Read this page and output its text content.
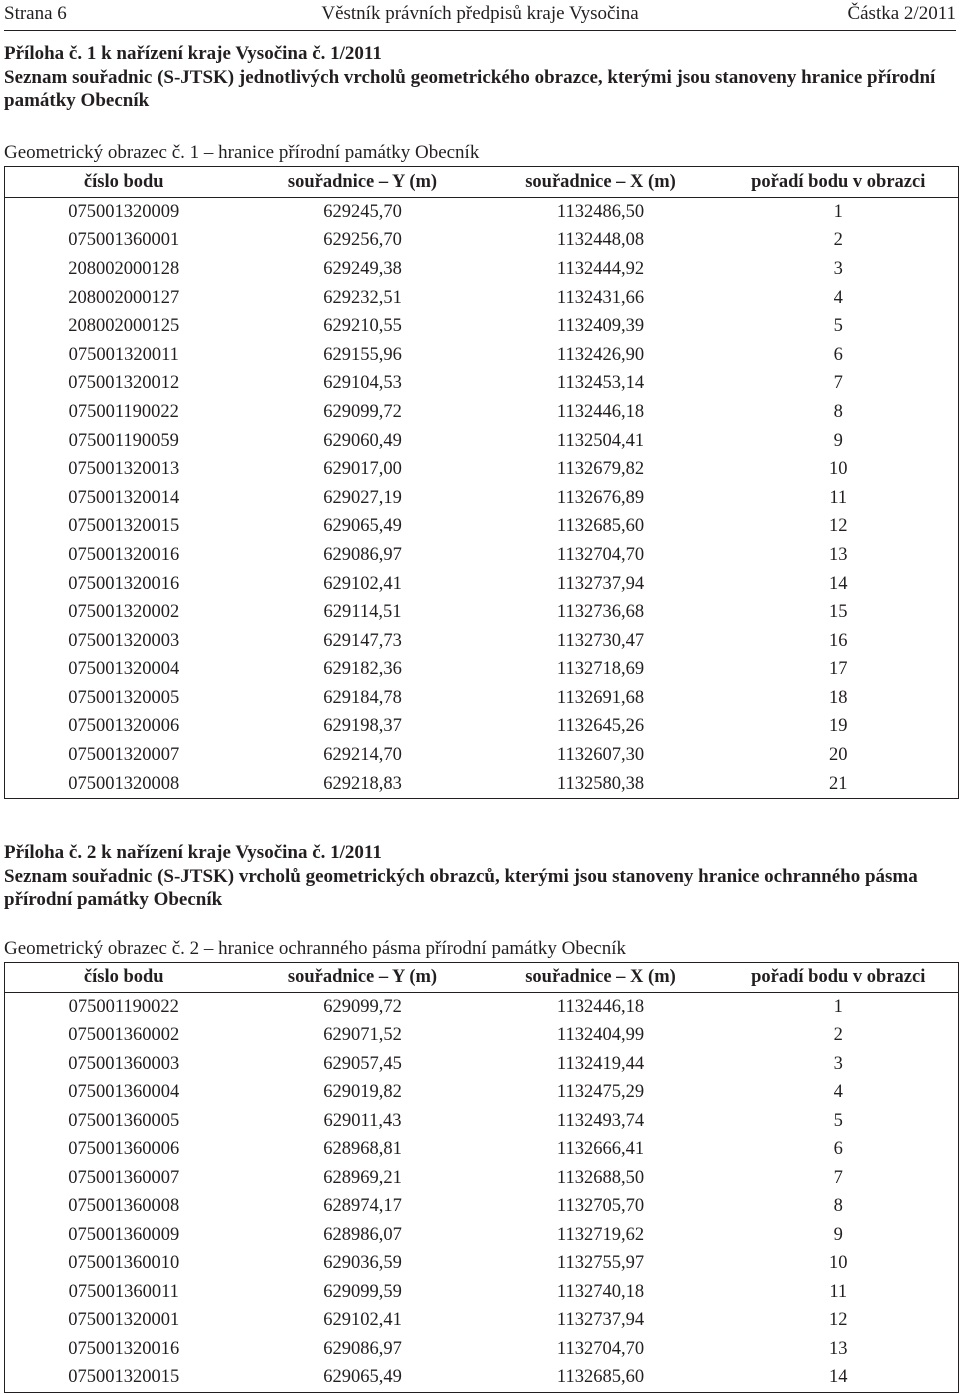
Strana 6	Věstník právních předpisů kraje Vysočina	Částka 2/2011

Příloha č. 1 k nařízení kraje Vysočina č. 1/2011

Seznam souřadnic (S-JTSK) jednotlivých vrcholů geometrického obrazce, kterými jsou stanoveny hranice přírodní památky Obecník

Geometrický obrazec č. 1 – hranice přírodní památky Obecník

číslo bodu	souřadnice – Y (m)	souřadnice – X (m)	pořadí bodu v obrazci
075001320009	629245,70	1132486,50	1
075001360001	629256,70	1132448,08	2
208002000128	629249,38	1132444,92	3
208002000127	629232,51	1132431,66	4
208002000125	629210,55	1132409,39	5
075001320011	629155,96	1132426,90	6
075001320012	629104,53	1132453,14	7
075001190022	629099,72	1132446,18	8
075001190059	629060,49	1132504,41	9
075001320013	629017,00	1132679,82	10
075001320014	629027,19	1132676,89	11
075001320015	629065,49	1132685,60	12
075001320016	629086,97	1132704,70	13
075001320016	629102,41	1132737,94	14
075001320002	629114,51	1132736,68	15
075001320003	629147,73	1132730,47	16
075001320004	629182,36	1132718,69	17
075001320005	629184,78	1132691,68	18
075001320006	629198,37	1132645,26	19
075001320007	629214,70	1132607,30	20
075001320008	629218,83	1132580,38	21

Příloha č. 2 k nařízení kraje Vysočina č. 1/2011

Seznam souřadnic (S-JTSK) vrcholů geometrických obrazců, kterými jsou stanoveny hranice ochranného pásma přírodní památky Obecník

Geometrický obrazec č. 2 – hranice ochranného pásma přírodní památky Obecník

číslo bodu	souřadnice – Y (m)	souřadnice – X (m)	pořadí bodu v obrazci
075001190022	629099,72	1132446,18	1
075001360002	629071,52	1132404,99	2
075001360003	629057,45	1132419,44	3
075001360004	629019,82	1132475,29	4
075001360005	629011,43	1132493,74	5
075001360006	628968,81	1132666,41	6
075001360007	628969,21	1132688,50	7
075001360008	628974,17	1132705,70	8
075001360009	628986,07	1132719,62	9
075001360010	629036,59	1132755,97	10
075001360011	629099,59	1132740,18	11
075001320001	629102,41	1132737,94	12
075001320016	629086,97	1132704,70	13
075001320015	629065,49	1132685,60	14
